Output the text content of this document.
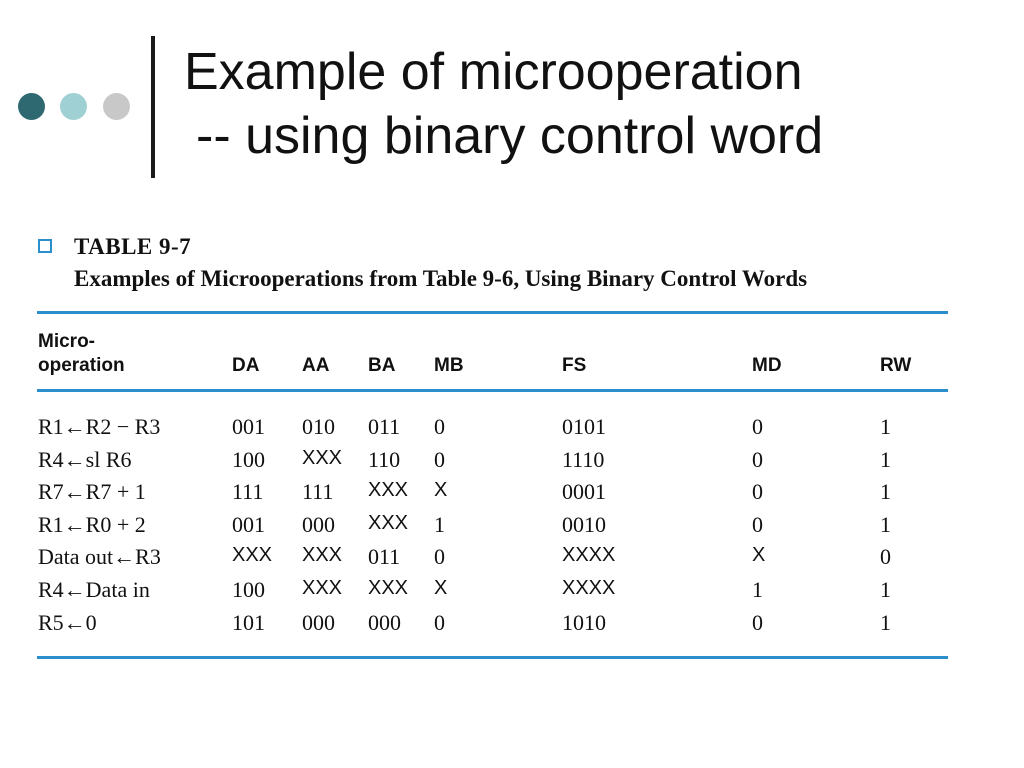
Example of microoperation
-- using binary control word
TABLE 9-7
Examples of Microoperations from Table 9-6, Using Binary Control Words
Micro-
operation	DA AA BA MB	FS	MD	RW
R1←R2 − R3	001 010 011 0	0101	0	1
R4←sl R6	100 XXX 110 0	1110	0	1
R7←R7 + 1	111 111 XXX X	0001	0	1
R1←R0 + 2	001 000 XXX 1	0010	0	1
Data out←R3	XXX XXX 011 0	XXXX	X	0
R4←Data in	100 XXX XXX X	XXXX	1	1
R5←0	101 000 000 0	1010	0	1
